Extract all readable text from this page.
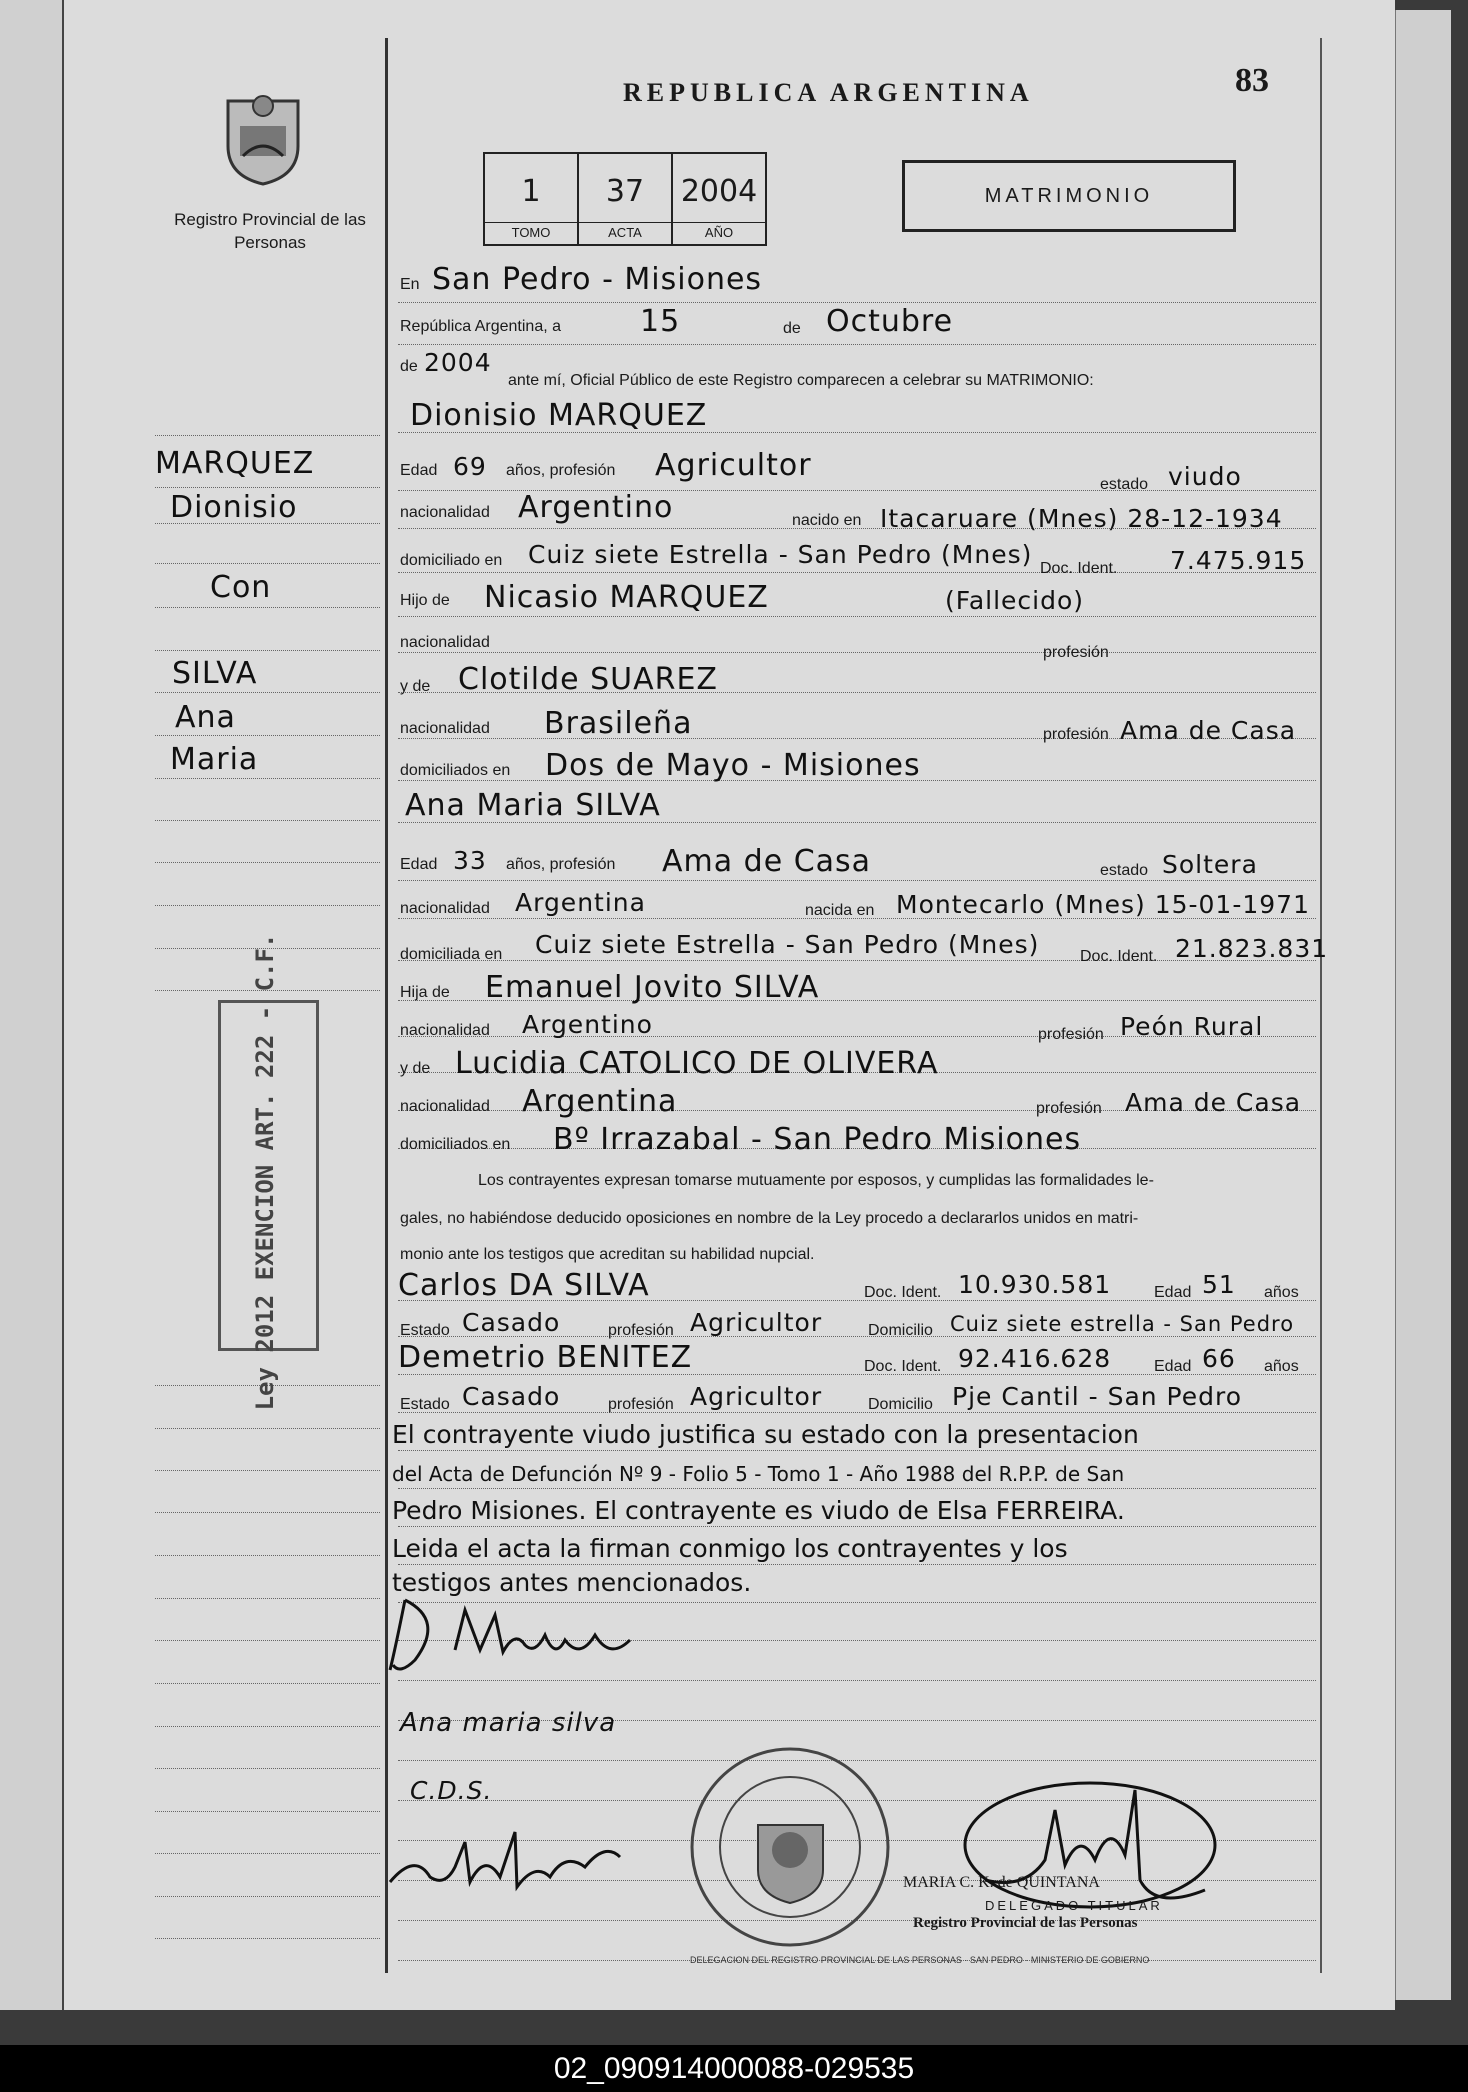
Registro Provincial de las Personas
REPUBLICA ARGENTINA	83
1
TOMO
37
ACTA
2004
AÑO
MATRIMONIO
MARQUEZ
Dionisio
Con
SILVA
Ana
Maria
Ley 2012 EXENCION ART. 222 - C.F.
En San Pedro - Misiones
República Argentina, a	15	de Octubre
de 2004
ante mí, Oficial Público de este Registro comparecen a celebrar su MATRIMONIO:
Dionisio MARQUEZ
Edad 69 años, profesión Agricultor
estado viudo
nacionalidad Argentino	nacido en Itacaruare (Mnes) 28-12-1934
domiciliado en Cuiz siete Estrella - San Pedro (Mnes) Doc. Ident. 7.475.915
Hijo de Nicasio MARQUEZ	(Fallecido)
nacionalidad
profesión
y de Clotilde SUAREZ
nacionalidad Brasileña	profesión Ama de Casa
domiciliados en Dos de Mayo - Misiones
Ana Maria SILVA
Edad 33 años, profesión Ama de Casa	estado Soltera
nacionalidad Argentina	nacida en Montecarlo (Mnes) 15-01-1971
domiciliada en Cuiz siete Estrella - San Pedro (Mnes)	Doc. Ident. 21.823.831
Hija de Emanuel Jovito SILVA
nacionalidad Argentino	profesión Peón Rural
y de Lucidia CATOLICO DE OLIVERA
nacionalidad Argentina	profesión Ama de Casa
domiciliados en Bº Irrazabal - San Pedro Misiones
Los contrayentes expresan tomarse mutuamente por esposos, y cumplidas las formalidades le-
gales, no habiéndose deducido oposiciones en nombre de la Ley procedo a declararlos unidos en matri-
monio ante los testigos que acreditan su habilidad nupcial.
Carlos DA SILVA	Doc. Ident. 10.930.581	Edad 51 años
Estado Casado	profesión Agricultor	Domicilio Cuiz siete estrella - San Pedro
Demetrio BENITEZ	Doc. Ident. 92.416.628	Edad 66 años
Estado Casado	profesión Agricultor	Domicilio Pje Cantil - San Pedro
El contrayente viudo justifica su estado con la presentacion
del Acta de Defunción Nº 9 - Folio 5 - Tomo 1 - Año 1988 del R.P.P. de San
Pedro Misiones. El contrayente es viudo de Elsa FERREIRA.
Leida el acta la firman conmigo los contrayentes y los
testigos antes mencionados.
Ana maria silva
C.D.S.
DELEGACION DEL REGISTRO PROVINCIAL DE LAS PERSONAS · SAN PEDRO · MINISTERIO DE GOBIERNO
MARIA C. K. de QUINTANA
DELEGADO TITULAR
Registro Provincial de las Personas
02_090914000088-029535
